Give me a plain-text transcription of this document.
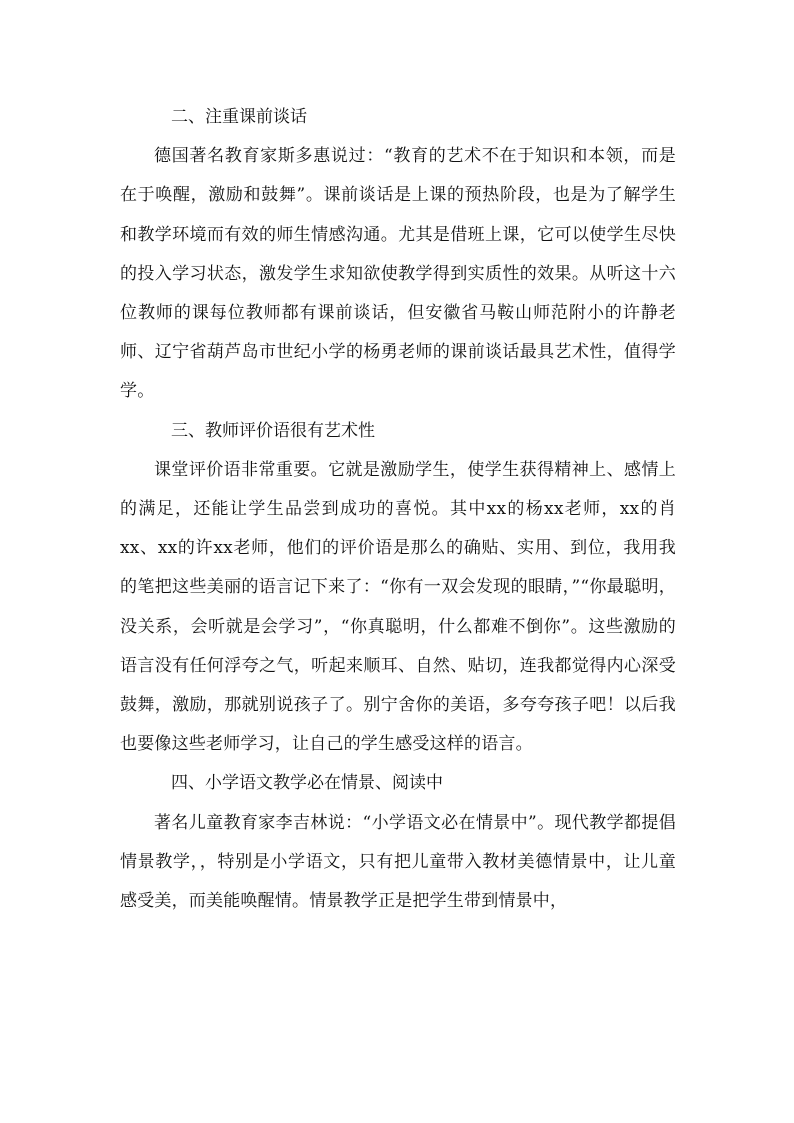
二、注重课前谈话

德国著名教育家斯多惠说过：“教育的艺术不在于知识和本领，而是在于唤醒，激励和鼓舞”。课前谈话是上课的预热阶段，也是为了解学生和教学环境而有效的师生情感沟通。尤其是借班上课，它可以使学生尽快的投入学习状态，激发学生求知欲使教学得到实质性的效果。从听这十六位教师的课每位教师都有课前谈话，但安徽省马鞍山师范附小的许静老师、辽宁省葫芦岛市世纪小学的杨勇老师的课前谈话最具艺术性，值得学学。

三、教师评价语很有艺术性

课堂评价语非常重要。它就是激励学生，使学生获得精神上、感情上的满足，还能让学生品尝到成功的喜悦。其中xx的杨xx老师，xx的肖xx、xx的许xx老师，他们的评价语是那么的确贴、实用、到位，我用我的笔把这些美丽的语言记下来了：“你有一双会发现的眼睛，”“你最聪明，没关系，会听就是会学习”，“你真聪明，什么都难不倒你”。这些激励的语言没有任何浮夸之气，听起来顺耳、自然、贴切，连我都觉得内心深受鼓舞，激励，那就别说孩子了。别宁舍你的美语，多夸夸孩子吧！以后我也要像这些老师学习，让自己的学生感受这样的语言。

四、小学语文教学必在情景、阅读中

著名儿童教育家李吉林说：“小学语文必在情景中”。现代教学都提倡情景教学，，特别是小学语文，只有把儿童带入教材美德情景中，让儿童感受美，而美能唤醒情。情景教学正是把学生带到情景中，
